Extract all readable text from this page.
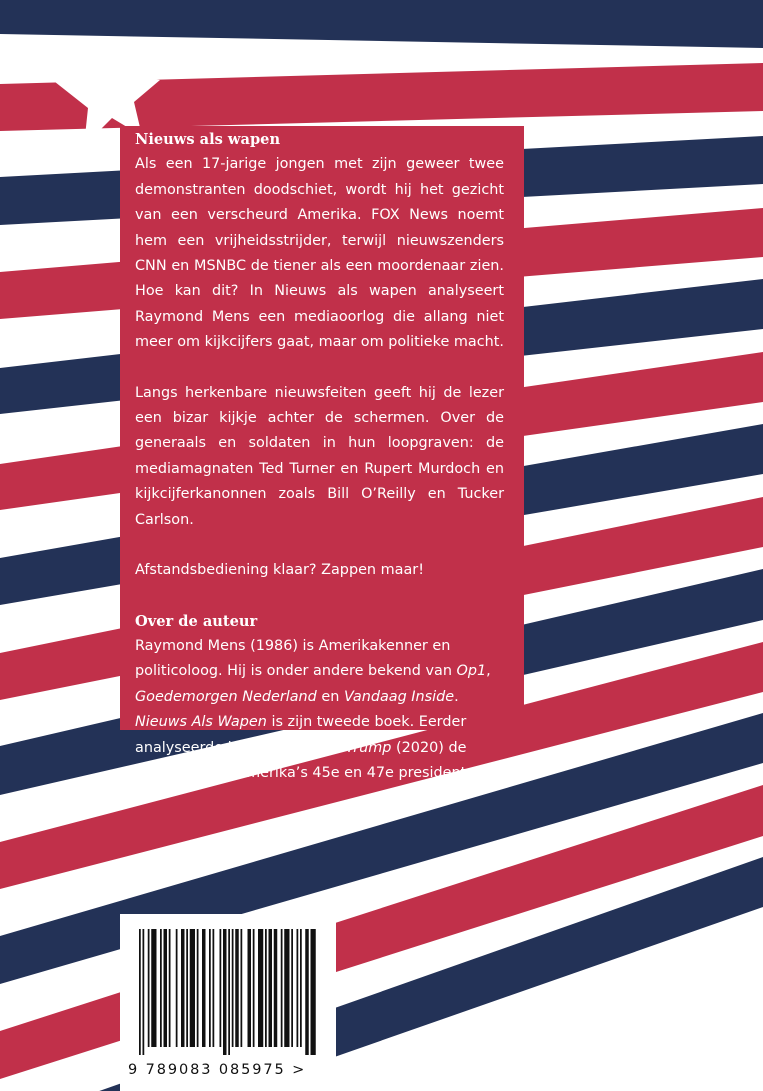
Nieuws als wapen

Als een 17-jarige jongen met zijn geweer twee demonstranten doodschiet, wordt hij het gezicht van een verscheurd Amerika. FOX News noemt hem een vrijheidsstrijder, terwijl nieuwszenders CNN en MSNBC de tiener als een moordenaar zien. Hoe kan dit? In Nieuws als wapen analyseert Raymond Mens een mediaoorlog die allang niet meer om kijkcijfers gaat, maar om politieke macht.

Langs herkenbare nieuwsfeiten geeft hij de lezer een bizar kijkje achter de schermen. Over de generaals en soldaten in hun loopgraven: de mediamagnaten Ted Turner en Rupert Murdoch en kijkcijferkanonnen zoals Bill O’Reilly en Tucker Carlson.

Afstandsbediening klaar? Zappen maar!

Over de auteur

Raymond Mens (1986) is Amerikakenner en politicoloog. Hij is onder andere bekend van Op1, Goedemorgen Nederland en Vandaag Inside. Nieuws Als Wapen is zijn tweede boek. Eerder analyseerde hij in Lang Leve Trump (2020) de trends achter Amerika’s 45e en 47e president.

9 789083 085975 >
